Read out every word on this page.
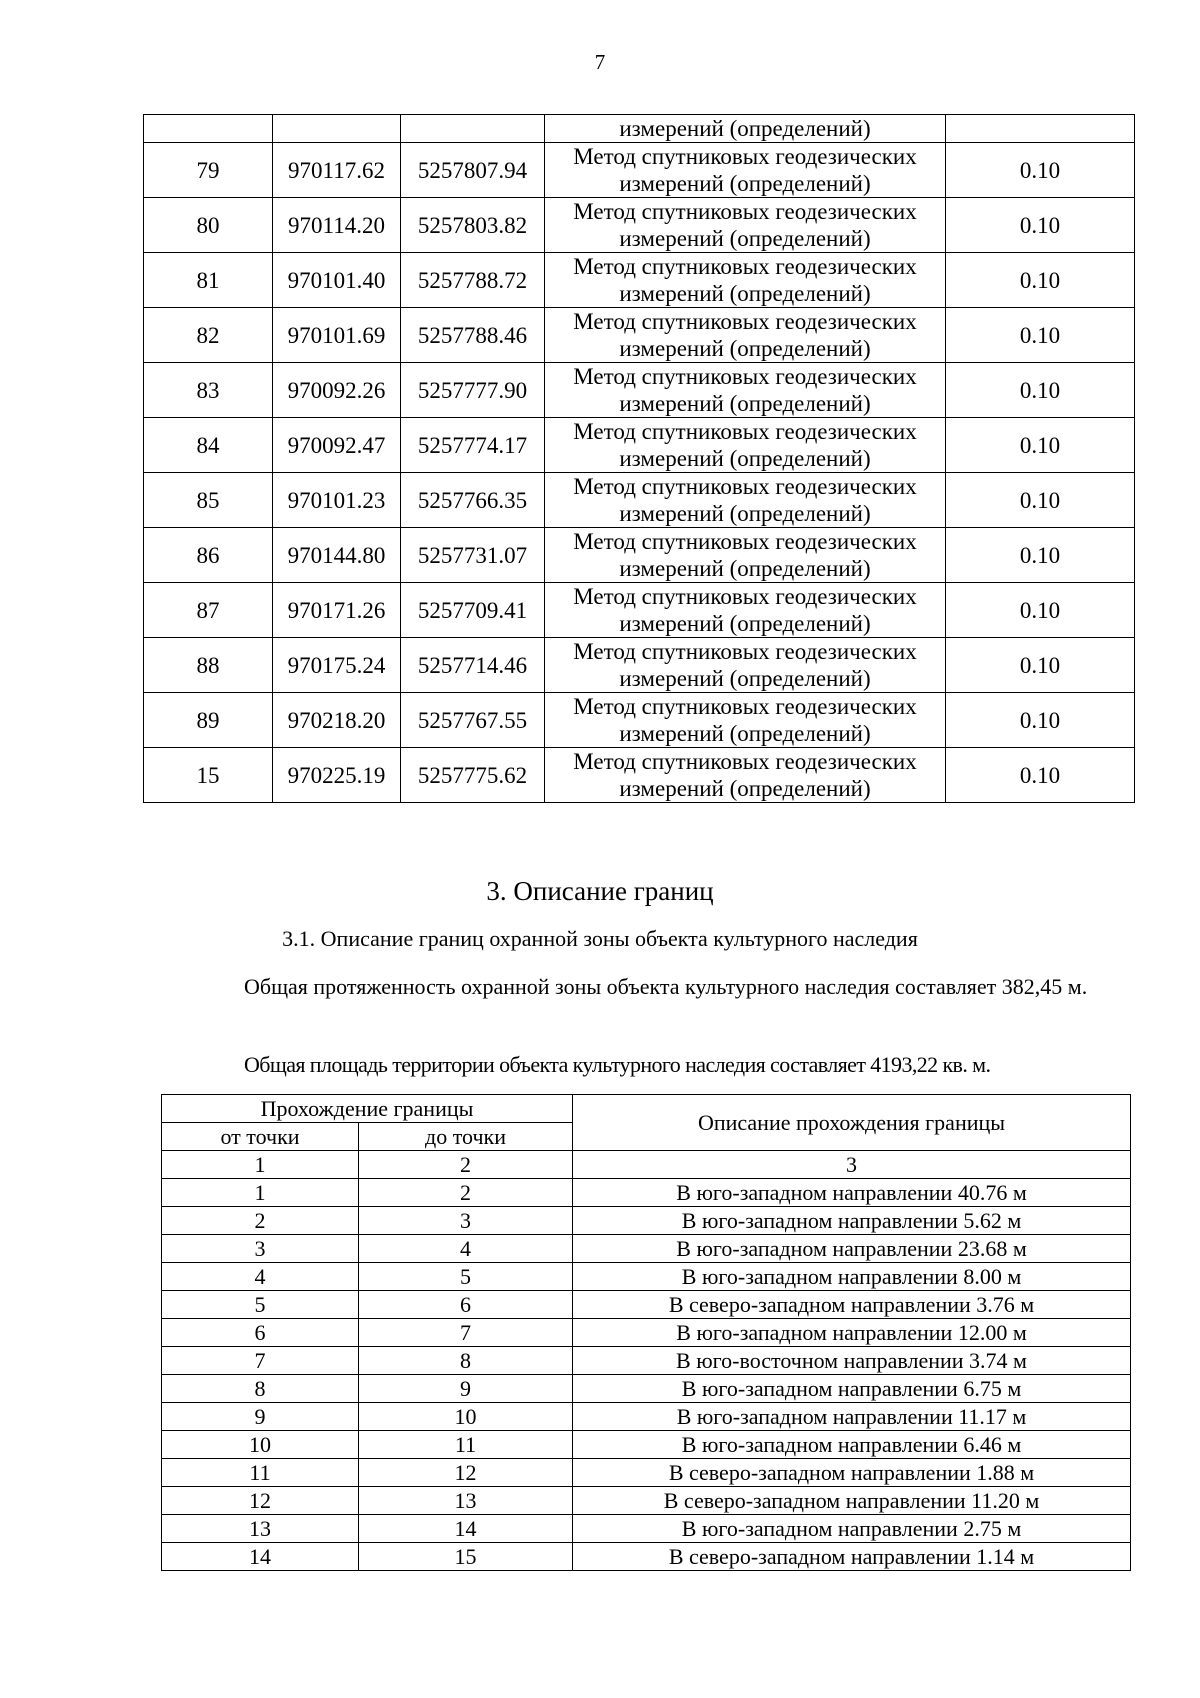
7
			измерений (определений)	
79	970117.62	5257807.94	Метод спутниковых геодезических
измерений (определений)	0.10
80	970114.20	5257803.82	Метод спутниковых геодезических
измерений (определений)	0.10
81	970101.40	5257788.72	Метод спутниковых геодезических
измерений (определений)	0.10
82	970101.69	5257788.46	Метод спутниковых геодезических
измерений (определений)	0.10
83	970092.26	5257777.90	Метод спутниковых геодезических
измерений (определений)	0.10
84	970092.47	5257774.17	Метод спутниковых геодезических
измерений (определений)	0.10
85	970101.23	5257766.35	Метод спутниковых геодезических
измерений (определений)	0.10
86	970144.80	5257731.07	Метод спутниковых геодезических
измерений (определений)	0.10
87	970171.26	5257709.41	Метод спутниковых геодезических
измерений (определений)	0.10
88	970175.24	5257714.46	Метод спутниковых геодезических
измерений (определений)	0.10
89	970218.20	5257767.55	Метод спутниковых геодезических
измерений (определений)	0.10
15	970225.19	5257775.62	Метод спутниковых геодезических
измерений (определений)	0.10
3. Описание границ
3.1. Описание границ охранной зоны объекта культурного наследия

Общая протяженность охранной зоны объекта культурного наследия составляет 382,45 м.

Общая площадь территории объекта культурного наследия составляет 4193,22 кв. м.

Прохождение границы		Описание прохождения границы
от точки	до точки	
1	2	3
1	2	В юго-западном направлении 40.76 м
2	3	В юго-западном направлении 5.62 м
3	4	В юго-западном направлении 23.68 м
4	5	В юго-западном направлении 8.00 м
5	6	В северо-западном направлении 3.76 м
6	7	В юго-западном направлении 12.00 м
7	8	В юго-восточном направлении 3.74 м
8	9	В юго-западном направлении 6.75 м
9	10	В юго-западном направлении 11.17 м
10	11	В юго-западном направлении 6.46 м
11	12	В северо-западном направлении 1.88 м
12	13	В северо-западном направлении 11.20 м
13	14	В юго-западном направлении 2.75 м
14	15	В северо-западном направлении 1.14 м
